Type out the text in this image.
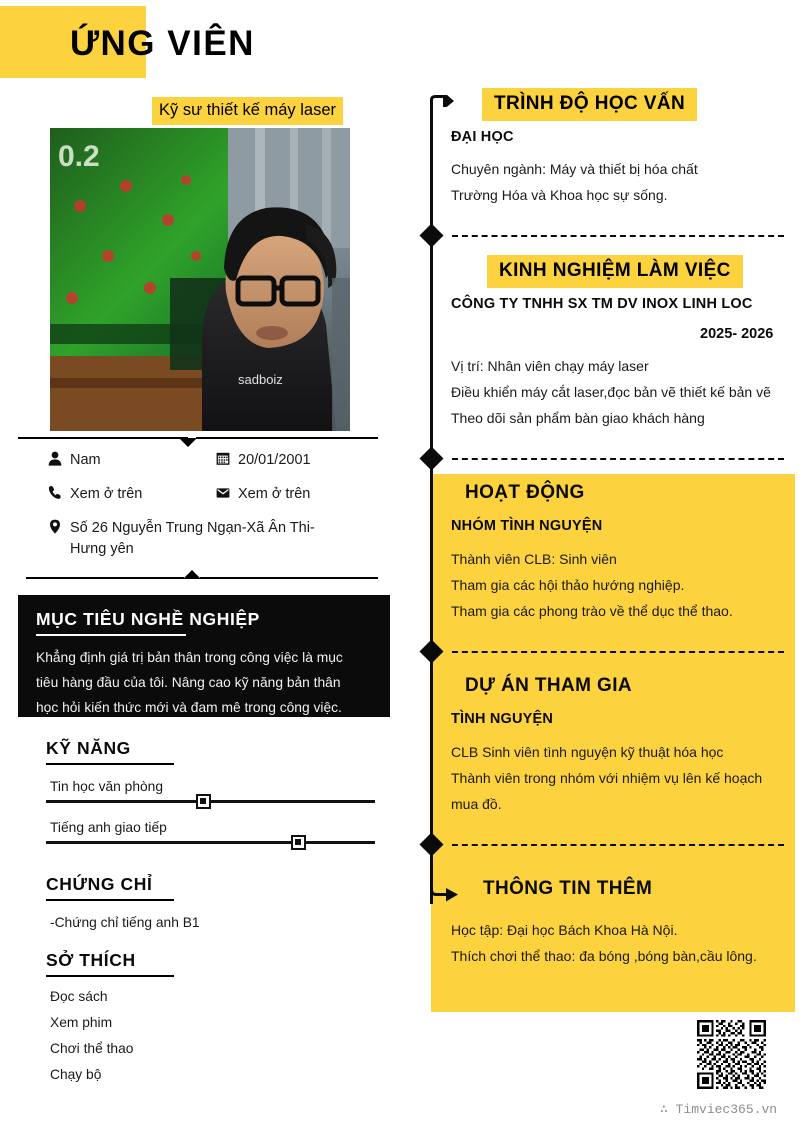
ỨNG VIÊN
Kỹ sư thiết kế máy laser
0.2
sadboiz
Nam	20/01/2001
Xem ở trên	Xem ở trên
Số 26 Nguyễn Trung Ngạn-Xã Ân Thi-
Hưng yên
MỤC TIÊU NGHỀ NGHIỆP
Khẳng định giá trị bản thân trong công việc là mục
tiêu hàng đầu của tôi. Nâng cao kỹ năng bản thân
học hỏi kiến thức mới và đam mê trong công việc.
KỸ NĂNG
Tin học văn phòng
Tiếng anh giao tiếp
CHỨNG CHỈ
-Chứng chỉ tiếng anh B1
SỞ THÍCH
Đọc sách
Xem phim
Chơi thể thao
Chạy bộ
TRÌNH ĐỘ HỌC VẤN
ĐẠI HỌC
Chuyên ngành: Máy và thiết bị hóa chất
Trường Hóa và Khoa học sự sống.
KINH NGHIỆM LÀM VIỆC
CÔNG TY TNHH SX TM DV INOX LINH LOC
2025- 2026
Vị trí: Nhân viên chạy máy laser
Điều khiển máy cắt laser,đọc bản vẽ thiết kế bản vẽ
Theo dõi sản phẩm bàn giao khách hàng
HOẠT ĐỘNG
NHÓM TÌNH NGUYỆN
Thành viên CLB: Sinh viên
Tham gia các hội thảo hướng nghiệp.
Tham gia các phong trào về thể dục thể thao.
DỰ ÁN THAM GIA
TÌNH NGUYỆN
CLB Sinh viên tình nguyện kỹ thuật hóa học
Thành viên trong nhóm với nhiệm vụ lên kế hoạch
mua đồ.
THÔNG TIN THÊM
Học tập: Đại học Bách Khoa Hà Nội.
Thích chơi thể thao: đa bóng ,bóng bàn,cầu lông.
∴ Timviec365.vn
